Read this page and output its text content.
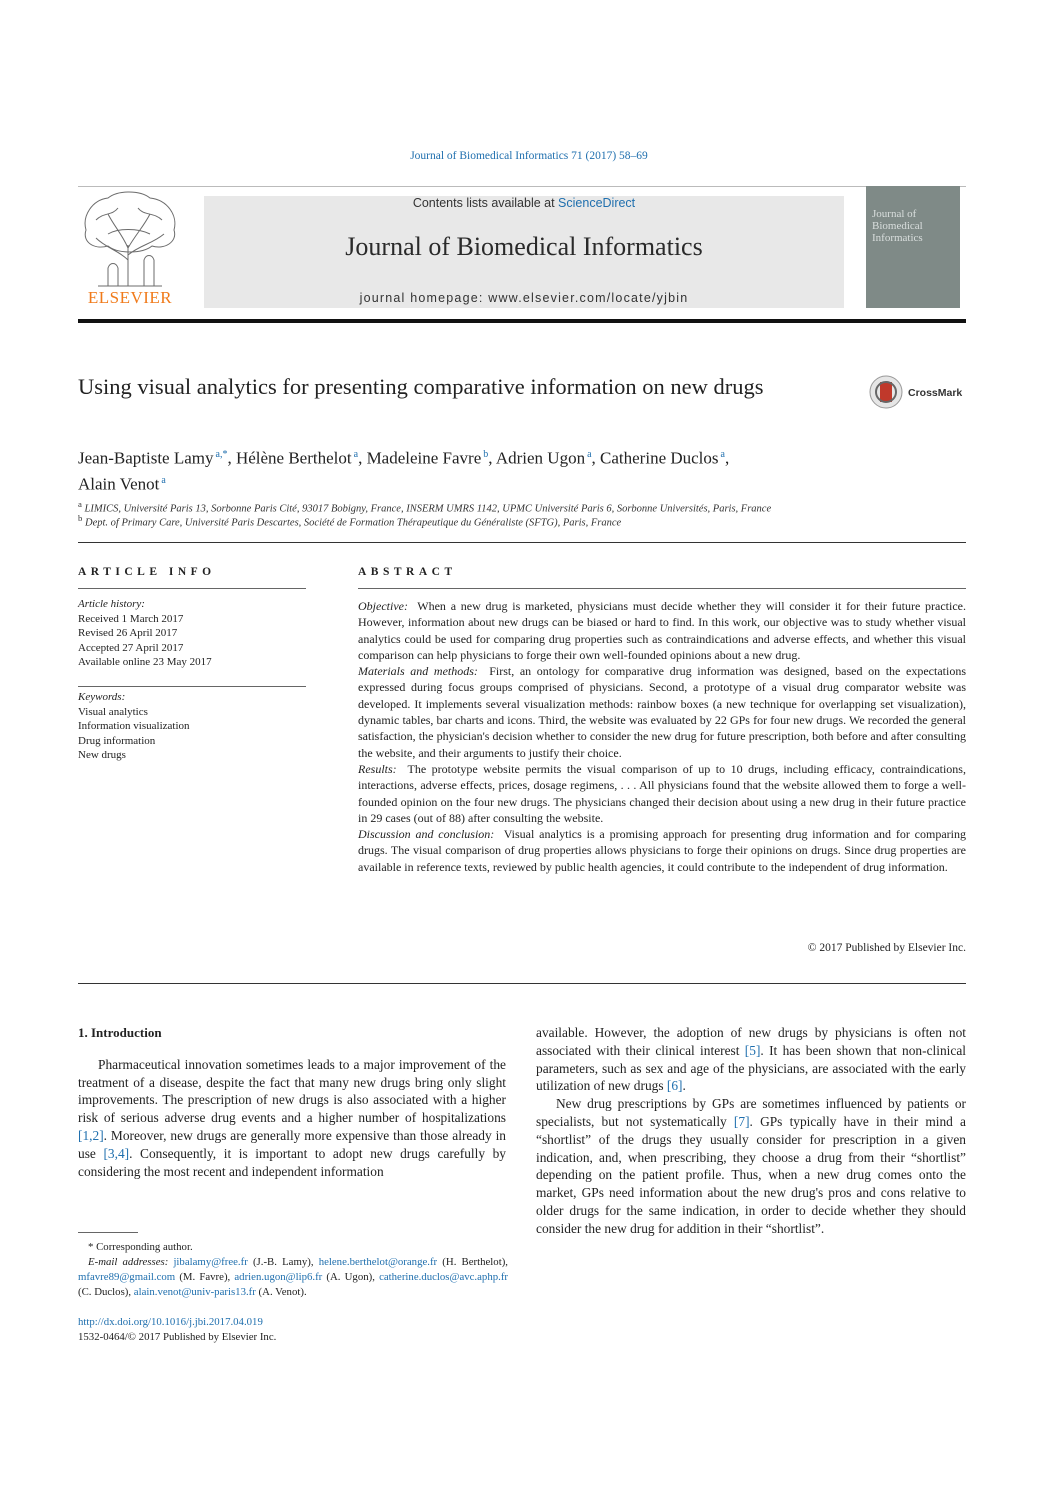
Journal of Biomedical Informatics 71 (2017) 58–69
ELSEVIER
Contents lists available at ScienceDirect
Journal of Biomedical Informatics
journal homepage: www.elsevier.com/locate/yjbin
Journal of Biomedical Informatics
Using visual analytics for presenting comparative information on new drugs	CrossMark
Jean-Baptiste Lamy $^{a,*}$, Hélène Berthelot $^a$, Madeleine Favre $^b$, Adrien Ugon $^a$, Catherine Duclos $^a$,
Alain Venot $^a$
$^a$ LIMICS, Université Paris 13, Sorbonne Paris Cité, 93017 Bobigny, France, INSERM UMRS 1142, UPMC Université Paris 6, Sorbonne Universités, Paris, France
$^b$ Dept. of Primary Care, Université Paris Descartes, Société de Formation Thérapeutique du Généraliste (SFTG), Paris, France
ARTICLE INFO
Article history:
Received 1 March 2017
Revised 26 April 2017
Accepted 27 April 2017
Available online 23 May 2017
Keywords:
Visual analytics
Information visualization
Drug information
New drugs
ABSTRACT

Objective: When a new drug is marketed, physicians must decide whether they will consider it for their future practice. However, information about new drugs can be biased or hard to find. In this work, our objective was to study whether visual analytics could be used for comparing drug properties such as contraindications and adverse effects, and whether this visual comparison can help physicians to forge their own well-founded opinions about a new drug.

Materials and methods: First, an ontology for comparative drug information was designed, based on the expectations expressed during focus groups comprised of physicians. Second, a prototype of a visual drug comparator website was developed. It implements several visualization methods: rainbow boxes (a new technique for overlapping set visualization), dynamic tables, bar charts and icons. Third, the website was evaluated by 22 GPs for four new drugs. We recorded the general satisfaction, the physician's decision whether to consider the new drug for future prescription, both before and after consulting the website, and their arguments to justify their choice.

Results: The prototype website permits the visual comparison of up to 10 drugs, including efficacy, contraindications, interactions, adverse effects, prices, dosage regimens, . . . All physicians found that the website allowed them to forge a well-founded opinion on the four new drugs. The physicians changed their decision about using a new drug in their future practice in 29 cases (out of 88) after consulting the website.

Discussion and conclusion: Visual analytics is a promising approach for presenting drug information and for comparing drugs. The visual comparison of drug properties allows physicians to forge their opinions on drugs. Since drug properties are available in reference texts, reviewed by public health agencies, it could contribute to the independent of drug information.

© 2017 Published by Elsevier Inc.
1. Introduction

Pharmaceutical innovation sometimes leads to a major improvement of the treatment of a disease, despite the fact that many new drugs bring only slight improvements. The prescription of new drugs is also associated with a higher risk of serious adverse drug events and a higher number of hospitalizations [1,2]. Moreover, new drugs are generally more expensive than those already in use [3,4]. Consequently, it is important to adopt new drugs carefully by considering the most recent and independent information

available. However, the adoption of new drugs by physicians is often not associated with their clinical interest [5]. It has been shown that non-clinical parameters, such as sex and age of the physicians, are associated with the early utilization of new drugs [6].

New drug prescriptions by GPs are sometimes influenced by patients or specialists, but not systematically [7]. GPs typically have in their mind a “shortlist” of the drugs they usually consider for prescription in a given indication, and, when prescribing, they choose a drug from their “shortlist” depending on the patient profile. Thus, when a new drug comes onto the market, GPs need information about the new drug's pros and cons relative to older drugs for the same indication, in order to decide whether they should consider the new drug for addition in their “shortlist”.

* Corresponding author.
E-mail addresses: jibalamy@free.fr (J.-B. Lamy), helene.berthelot@orange.fr (H. Berthelot), mfavre89@gmail.com (M. Favre), adrien.ugon@lip6.fr (A. Ugon), catherine.duclos@avc.aphp.fr (C. Duclos), alain.venot@univ-paris13.fr (A. Venot).
http://dx.doi.org/10.1016/j.jbi.2017.04.019
1532-0464/© 2017 Published by Elsevier Inc.
